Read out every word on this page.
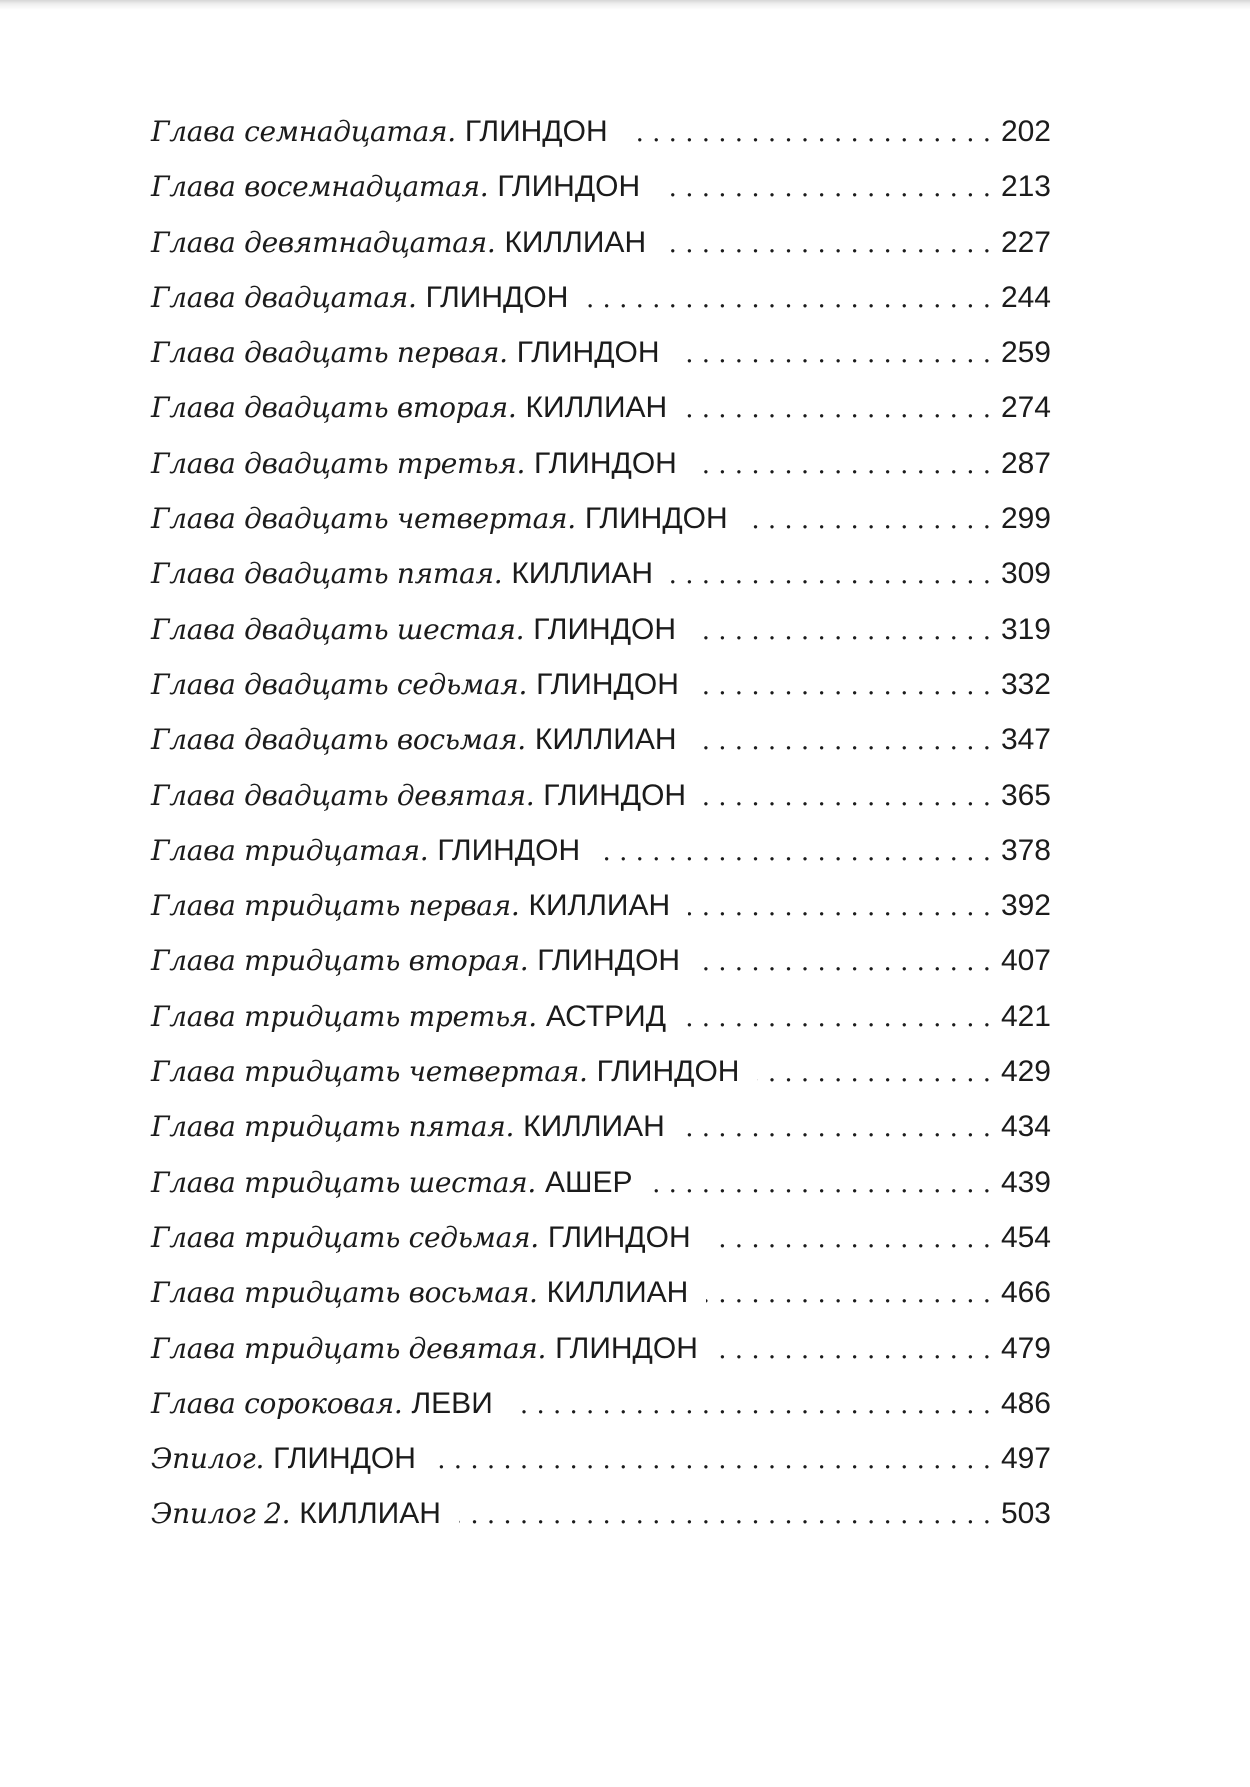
Глава семнадцатая. ГЛИНДОН . . .	202
Глава восемнадцатая. ГЛИНДОН . . .	213
Глава девятнадцатая. КИЛЛИАН . . .	227
Глава двадцатая. ГЛИНДОН . . .	244
Глава двадцать первая. ГЛИНДОН . . .	259
Глава двадцать вторая. КИЛЛИАН . . .	274
Глава двадцать третья. ГЛИНДОН . . .	287
Глава двадцать четвертая. ГЛИНДОН . . .	299
Глава двадцать пятая. КИЛЛИАН . . .	309
Глава двадцать шестая. ГЛИНДОН . . .	319
Глава двадцать седьмая. ГЛИНДОН . . .	332
Глава двадцать восьмая. КИЛЛИАН . . .	347
Глава двадцать девятая. ГЛИНДОН . . .	365
Глава тридцатая. ГЛИНДОН . . .	378
Глава тридцать первая. КИЛЛИАН . . .	392
Глава тридцать вторая. ГЛИНДОН . . .	407
Глава тридцать третья. АСТРИД . . .	421
Глава тридцать четвертая. ГЛИНДОН . . .	429
Глава тридцать пятая. КИЛЛИАН . . .	434
Глава тридцать шестая. АШЕР . . .	439
Глава тридцать седьмая. ГЛИНДОН . . .	454
Глава тридцать восьмая. КИЛЛИАН . . .	466
Глава тридцать девятая. ГЛИНДОН . . .	479
Глава сороковая. ЛЕВИ . . .	486
Эпилог. ГЛИНДОН . . .	497
Эпилог 2. КИЛЛИАН . . .	503
